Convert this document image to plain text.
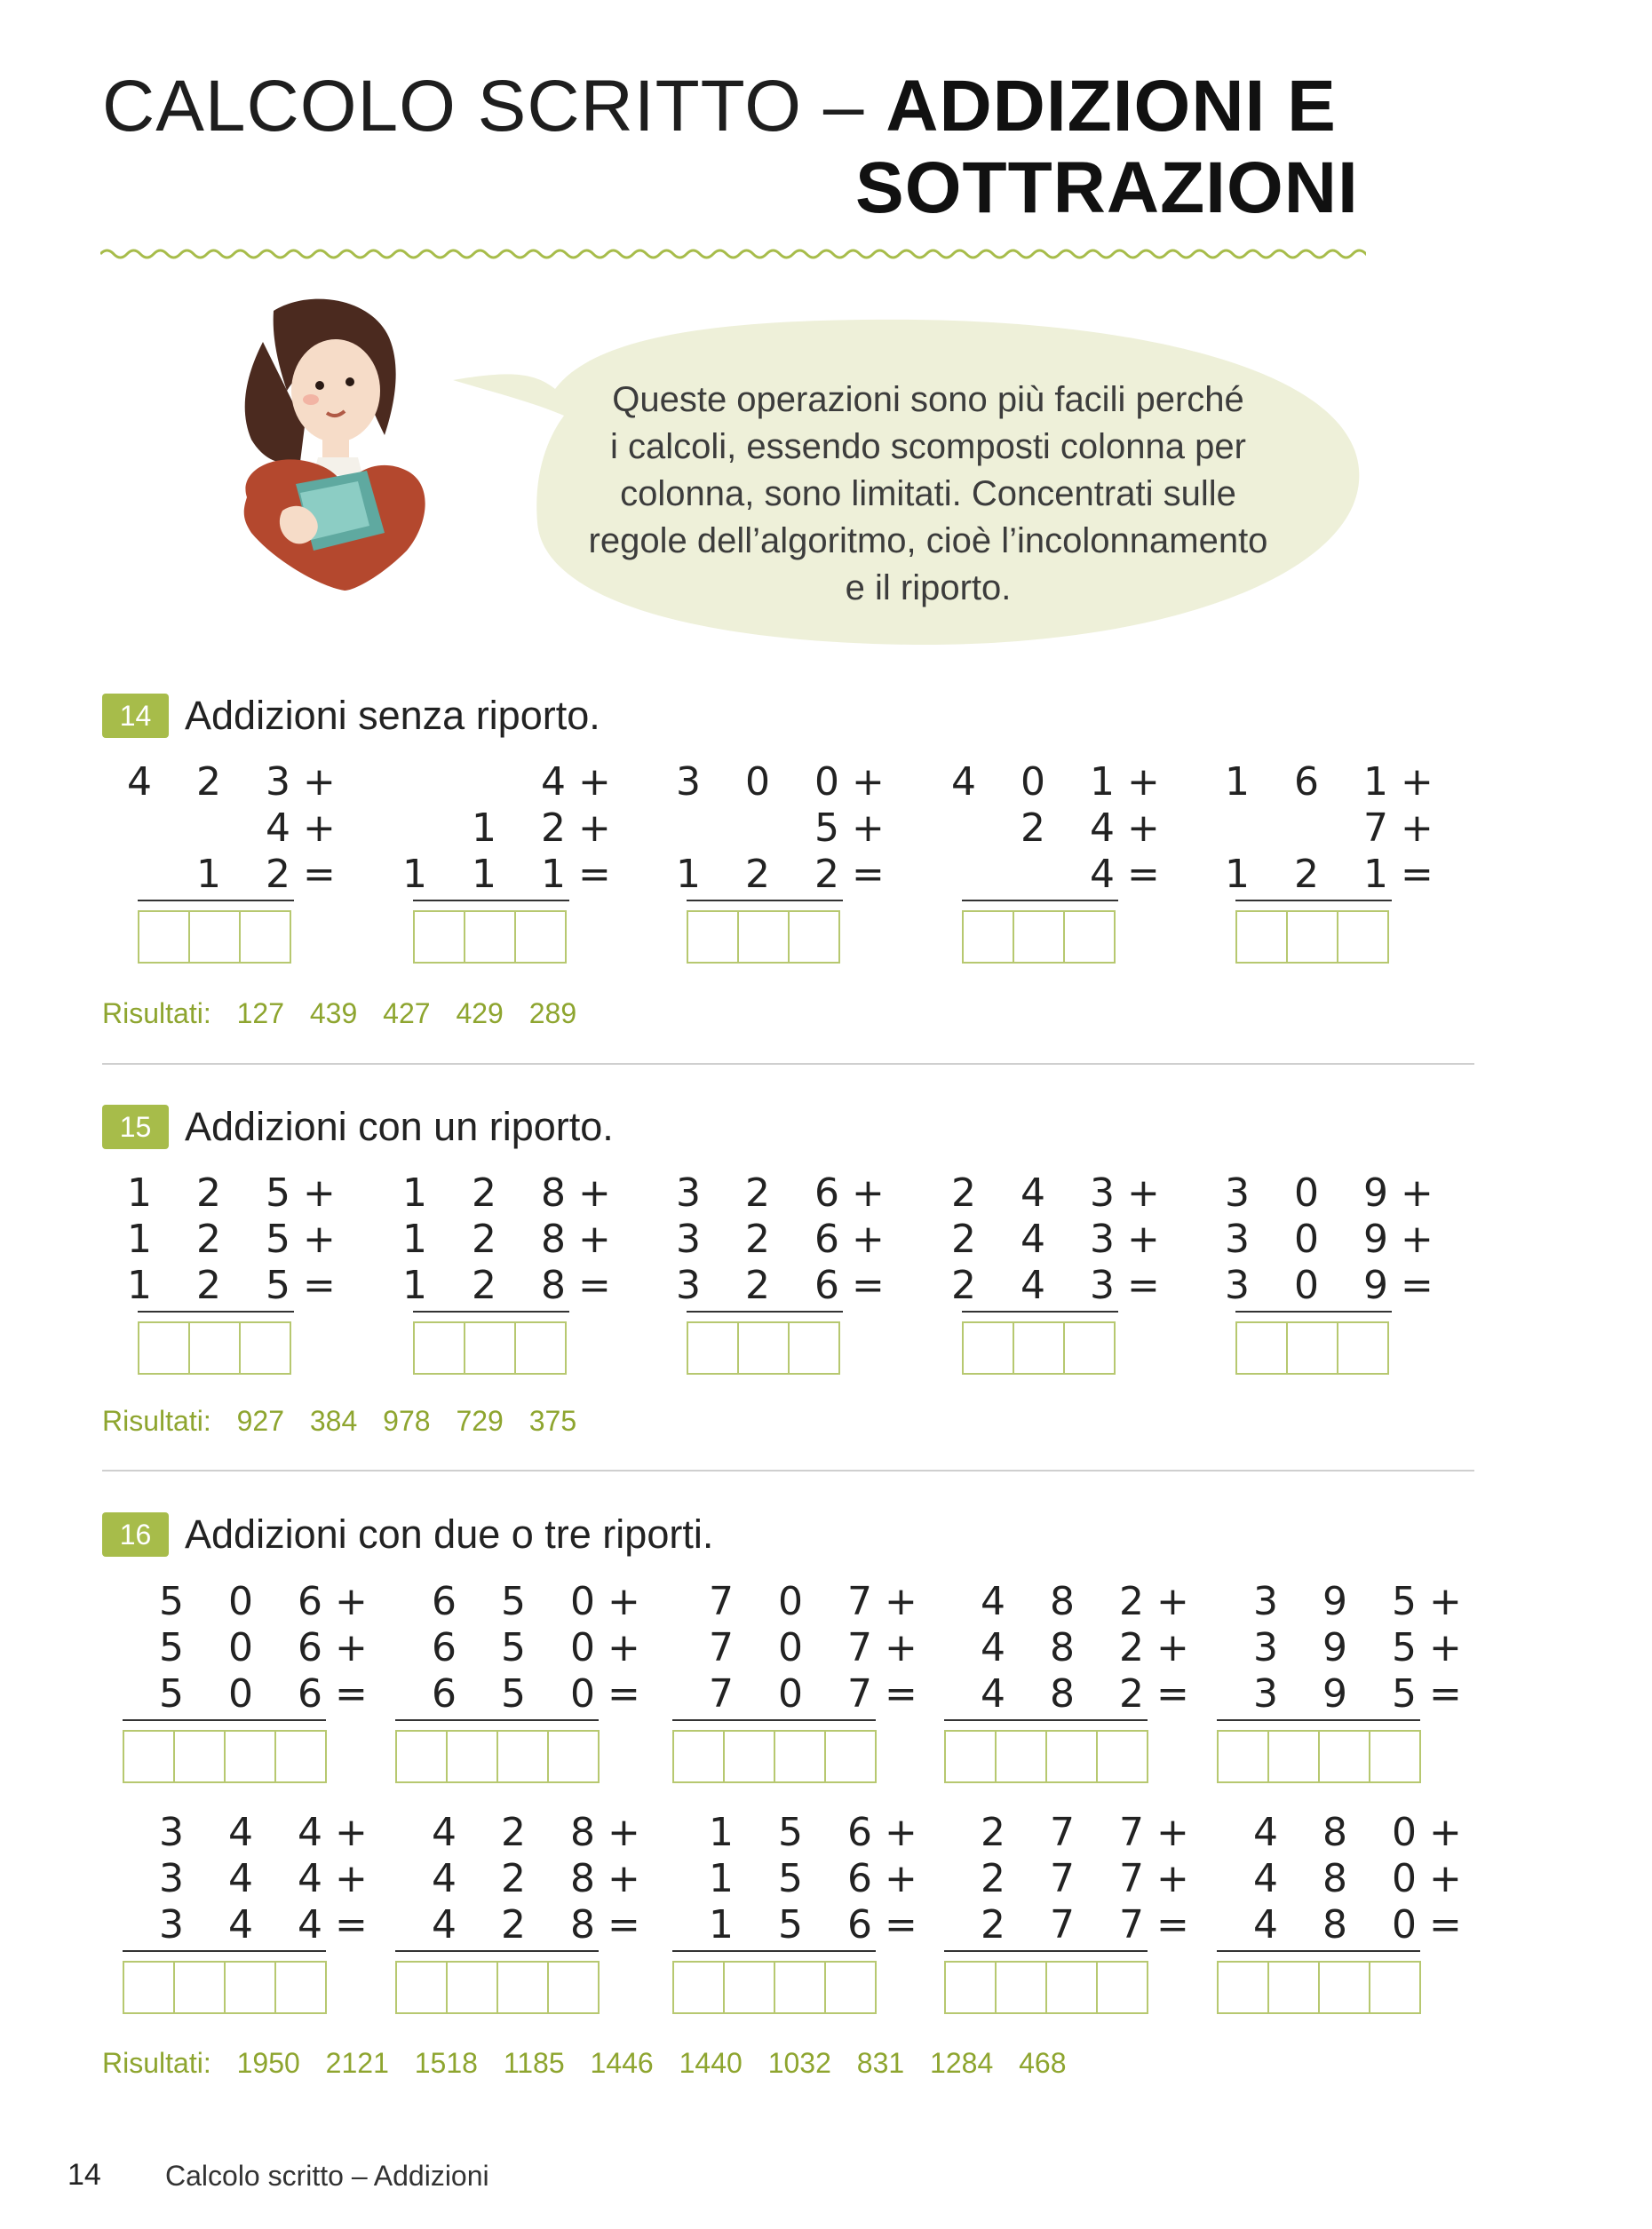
CALCOLO SCRITTO – ADDIZIONI E
SOTTRAZIONI
Queste operazioni sono più facili perché
i calcoli, essendo scomposti colonna per
colonna, sono limitati. Concentrati sulle
regole dell’algoritmo, cioè l’incolonnamento
e il riporto.
14 Addizioni senza riporto.
4 2 3
+
4
+
1 2
=
4
+
1 2
+
1 1 1
=
3 0 0
+
5
+
1 2 2
=
4 0 1
+
2 4
+
4
=
1 6 1
+
7
+
1 2 1
=
Risultati: 127 439 427 429 289
15 Addizioni con un riporto.
1 2 5
+
1 2 5
+
1 2 5
=
1 2 8
+
1 2 8
+
1 2 8
=
3 2 6
+
3 2 6
+
3 2 6
=
2 4 3
+
2 4 3
+
2 4 3
=
3 0 9
+
3 0 9
+
3 0 9
=
Risultati: 927 384 978 729 375
16 Addizioni con due o tre riporti.
5 0 6
+
5 0 6
+
5 0 6
=
6 5 0
+
6 5 0
+
6 5 0
=
7 0 7
+
7 0 7
+
7 0 7
=
4 8 2
+
4 8 2
+
4 8 2
=
3 9 5
+
3 9 5
+
3 9 5
=
3 4 4
+
3 4 4
+
3 4 4
=
4 2 8
+
4 2 8
+
4 2 8
=
1 5 6
+
1 5 6
+
1 5 6
=
2 7 7
+
2 7 7
+
2 7 7
=
4 8 0
+
4 8 0
+
4 8 0
=
Risultati: 1950 2121 1518 1185 1446 1440 1032 831 1284 468
14 Calcolo scritto – Addizioni
